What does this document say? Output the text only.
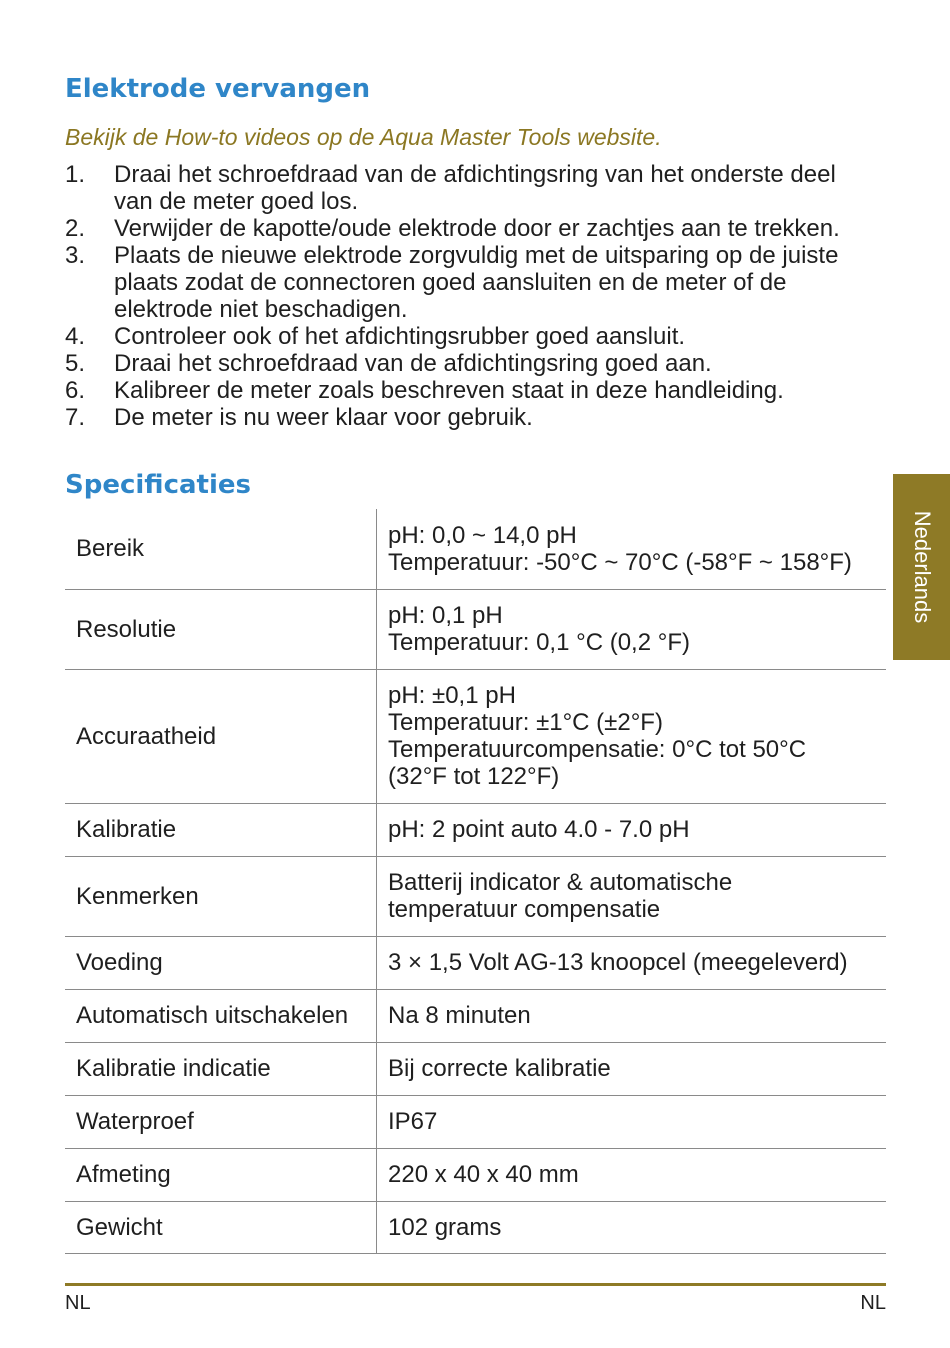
Elektrode vervangen
Bekijk de How-to videos op de Aqua Master Tools website.
1. Draai het schroefdraad van de afdichtingsring van het onderste deel
van de meter goed los.
2. Verwijder de kapotte/oude elektrode door er zachtjes aan te trekken.
3. Plaats de nieuwe elektrode zorgvuldig met de uitsparing op de juiste
plaats zodat de connectoren goed aansluiten en de meter of de
elektrode niet beschadigen.
4. Controleer ook of het afdichtingsrubber goed aansluit.
5. Draai het schroefdraad van de afdichtingsring goed aan.
6. Kalibreer de meter zoals beschreven staat in deze handleiding.
7. De meter is nu weer klaar voor gebruik.
Specificaties
Bereik	pH: 0,0 ~ 14,0 pH
Temperatuur: -50°C ~ 70°C (-58°F ~ 158°F)

Resolutie	pH: 0,1 pH
Temperatuur: 0,1 °C (0,2 °F)

Accuraatheid	pH: ±0,1 pH
Temperatuur: ±1°C (±2°F)
Temperatuurcompensatie: 0°C tot 50°C
(32°F tot 122°F)

Kalibratie	pH: 2 point auto 4.0 - 7.0 pH

Kenmerken	Batterij indicator & automatische
temperatuur compensatie

Voeding	3 × 1,5 Volt AG-13 knoopcel (meegeleverd)

Automatisch uitschakelen	Na 8 minuten

Kalibratie indicatie	Bij correcte kalibratie

Waterproef	IP67

Afmeting	220 x 40 x 40 mm

Gewicht	102 grams
Nederlands
NL	NL
